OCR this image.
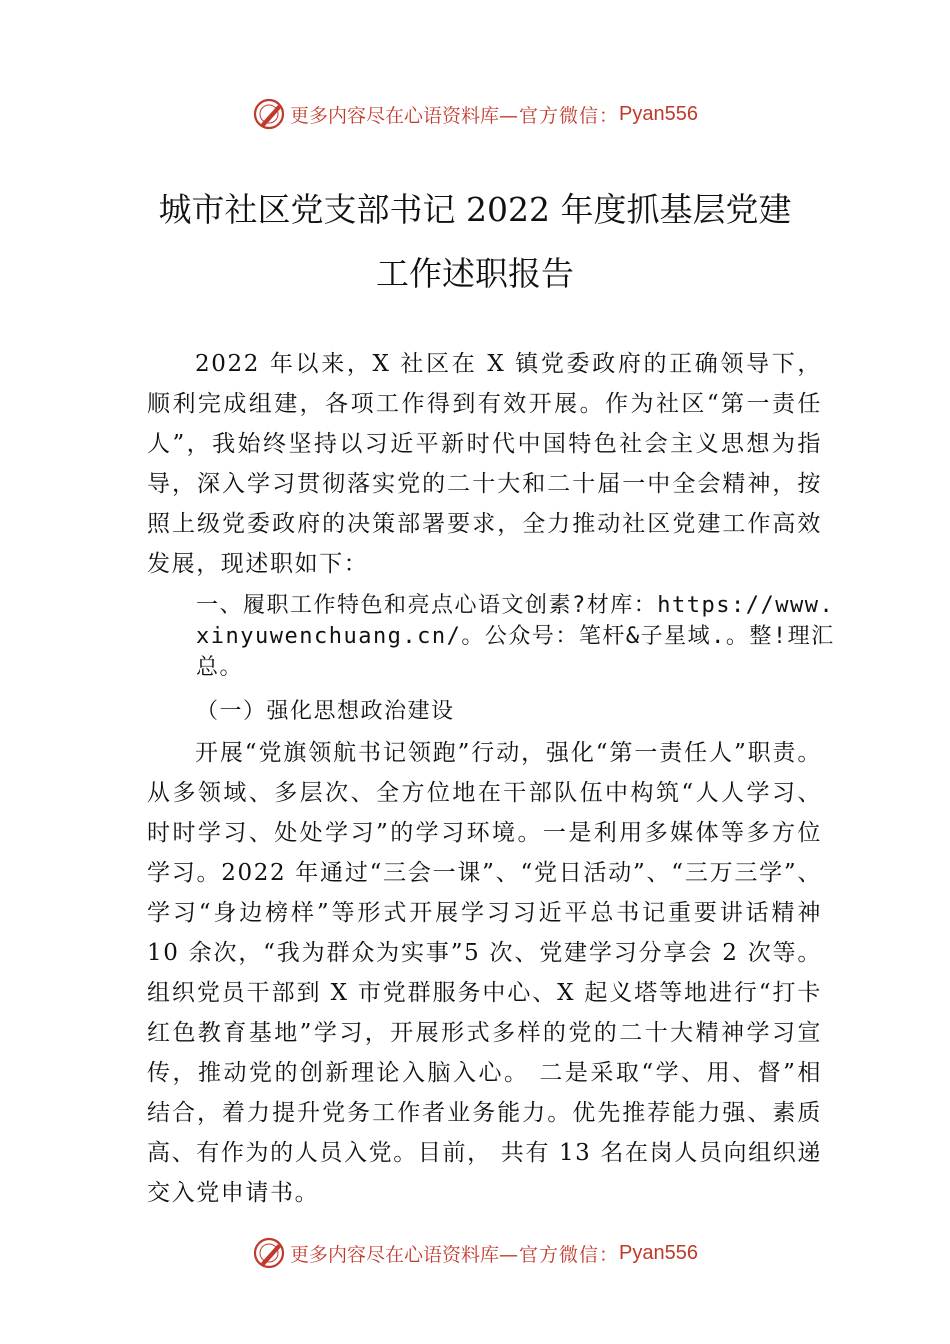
更多内容尽在心语资料库 —官方微信： Pyan556
城市社区党支部书记 2022 年度抓基层党建
工作述职报告

2022 年以来，X 社区在 X 镇党委政府的正确领导下，顺利完成组建，各项工作得到有效开展。作为社区“第一责任人”，我始终坚持以习近平新时代中国特色社会主义思想为指导，深入学习贯彻落实党的二十大和二十届一中全会精神，按照上级党委政府的决策部署要求，全力推动社区党建工作高效发展，现述职如下：

一、履职工作特色和亮点心语文创素?材库：https://www.xinyuwenchuang.cn/。公众号：笔杆&子星域.。整!理汇总。

（一）强化思想政治建设

开展“党旗领航书记领跑”行动，强化“第一责任人”职责。从多领域、多层次、全方位地在干部队伍中构筑“人人学习、时时学习、处处学习”的学习环境。一是利用多媒体等多方位学习。2022 年通过“三会一课”、“党日活动”、“三万三学”、学习“身边榜样”等形式开展学习习近平总书记重要讲话精神 10 余次，“我为群众为实事”5 次、党建学习分享会 2 次等。组织党员干部到 X 市党群服务中心、X 起义塔等地进行“打卡红色教育基地”学习，开展形式多样的党的二十大精神学习宣传，推动党的创新理论入脑入心。 二是采取“学、用、督”相结合，着力提升党务工作者业务能力。优先推荐能力强、素质高、有作为的人员入党。目前， 共有 13 名在岗人员向组织递交入党申请书。

更多内容尽在心语资料库 —官方微信： Pyan556
